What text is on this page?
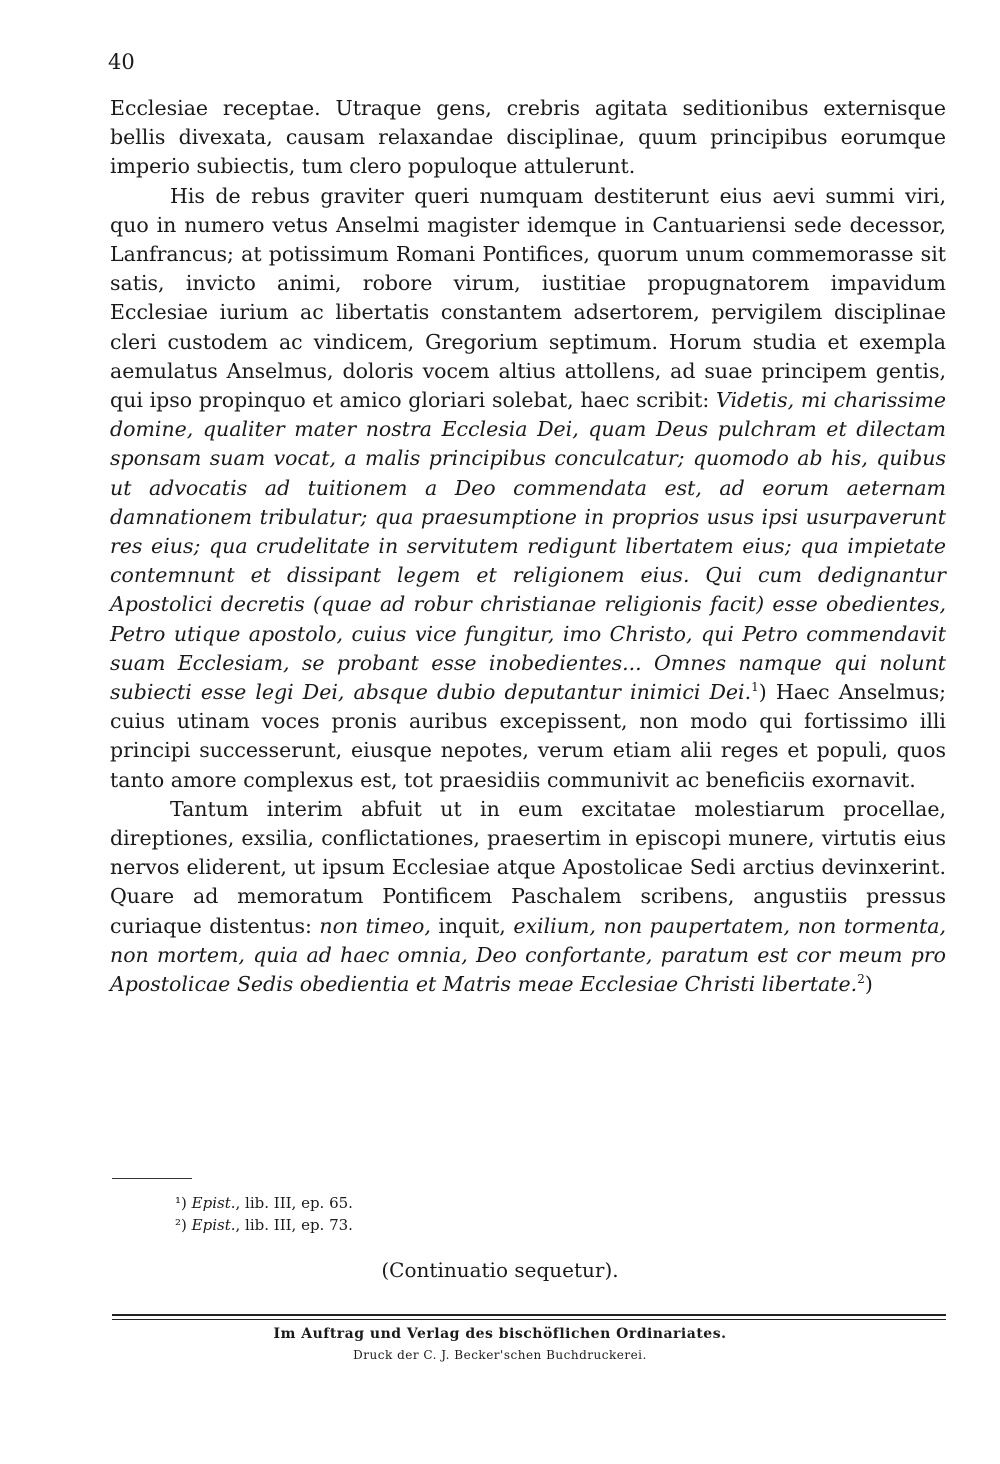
40

Ecclesiae receptae. Utraque gens, crebris agitata seditionibus externisque bellis divexata, causam relaxandae disciplinae, quum principibus eorumque imperio subiectis, tum clero populoque attulerunt.

His de rebus graviter queri numquam destiterunt eius aevi summi viri, quo in numero vetus Anselmi magister idemque in Cantuariensi sede decessor, Lanfrancus; at potissimum Romani Pontifices, quorum unum commemorasse sit satis, invicto animi, robore virum, iustitiae propugnatorem impavidum Ecclesiae iurium ac libertatis constantem adsertorem, pervigilem disciplinae cleri custodem ac vindicem, Gregorium septimum. Horum studia et exempla aemulatus Anselmus, doloris vocem altius attollens, ad suae principem gentis, qui ipso propinquo et amico gloriari solebat, haec scribit: Videtis, mi charissime domine, qualiter mater nostra Ecclesia Dei, quam Deus pulchram et dilectam sponsam suam vocat, a malis principibus conculcatur; quomodo ab his, quibus ut advocatis ad tuitionem a Deo commendata est, ad eorum aeternam damnationem tribulatur; qua praesumptione in proprios usus ipsi usurpaverunt res eius; qua crudelitate in servitutem redigunt libertatem eius; qua impietate contemnunt et dissipant legem et religionem eius. Qui cum dedignantur Apostolici decretis (quae ad robur christianae religionis facit) esse obedientes, Petro utique apostolo, cuius vice fungitur, imo Christo, qui Petro commendavit suam Ecclesiam, se probant esse inobedientes... Omnes namque qui nolunt subiecti esse legi Dei, absque dubio deputantur inimici Dei.$^1$) Haec Anselmus; cuius utinam voces pronis auribus excepissent, non modo qui fortissimo illi principi successerunt, eiusque nepotes, verum etiam alii reges et populi, quos tanto amore complexus est, tot praesidiis communivit ac beneficiis exornavit.

Tantum interim abfuit ut in eum excitatae molestiarum procellae, direptiones, exsilia, conflictationes, praesertim in episcopi munere, virtutis eius nervos eliderent, ut ipsum Ecclesiae atque Apostolicae Sedi arctius devinxerint. Quare ad memoratum Pontificem Paschalem scribens, angustiis pressus curiaque distentus: non timeo, inquit, exilium, non paupertatem, non tormenta, non mortem, quia ad haec omnia, Deo confortante, paratum est cor meum pro Apostolicae Sedis obedientia et Matris meae Ecclesiae Christi libertate.$^2$)

¹) Epist., lib. III, ep. 65.
²) Epist., lib. III, ep. 73.
(Continuatio sequetur).
Im Auftrag und Verlag des bischöflichen Ordinariates.
Druck der C. J. Becker'schen Buchdruckerei.
